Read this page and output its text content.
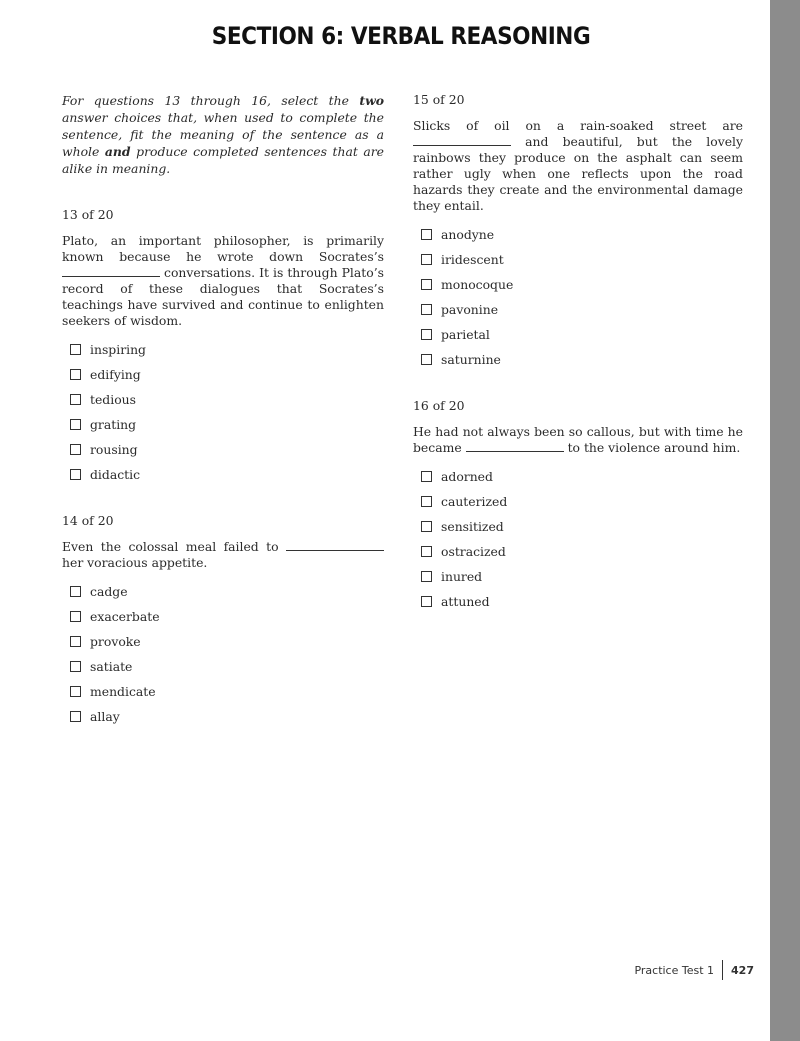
SECTION 6: VERBAL REASONING

For questions 13 through 16, select the two answer choices that, when used to complete the sentence, fit the meaning of the sentence as a whole and produce completed sentences that are alike in meaning.

13 of 20

Plato, an important philosopher, is primarily known because he wrote down Socrates’s  conversations. It is through Plato’s record of these dialogues that Socrates’s teachings have survived and continue to enlighten seekers of wisdom.

inspiring
edifying
tedious
grating
rousing
didactic
14 of 20

Even the colossal meal failed to  her voracious appetite.

cadge
exacerbate
provoke
satiate
mendicate
allay
15 of 20

Slicks of oil on a rain-soaked street are  and beautiful, but the lovely rainbows they produce on the asphalt can seem rather ugly when one reflects upon the road hazards they create and the environmental damage they entail.

anodyne
iridescent
monocoque
pavonine
parietal
saturnine
16 of 20

He had not always been so callous, but with time he became	to the violence around him.

adorned
cauterized
sensitized
ostracized
inured
attuned
Practice Test 1 427
